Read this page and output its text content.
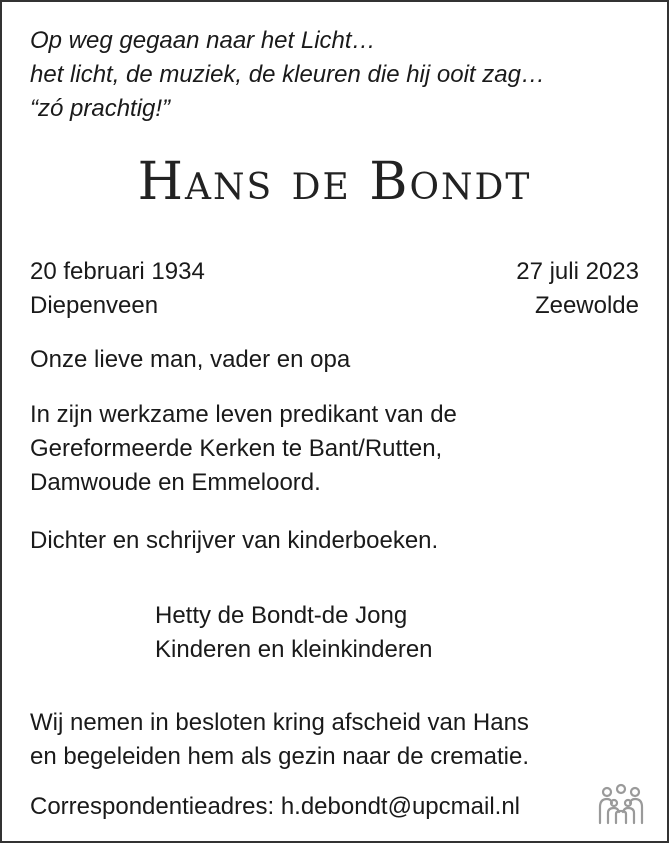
Op weg gegaan naar het Licht…
het licht, de muziek, de kleuren die hij ooit zag…
“zó prachtig!”
Hans de Bondt
20 februari 1934	27 juli 2023
Diepenveen	Zeewolde
Onze lieve man, vader en opa
In zijn werkzame leven predikant van de
Gereformeerde Kerken te Bant/Rutten,
Damwoude en Emmeloord.
Dichter en schrijver van kinderboeken.
Hetty de Bondt-de Jong
Kinderen en kleinkinderen
Wij nemen in besloten kring afscheid van Hans
en begeleiden hem als gezin naar de crematie.
Correspondentieadres: h.debondt@upcmail.nl
